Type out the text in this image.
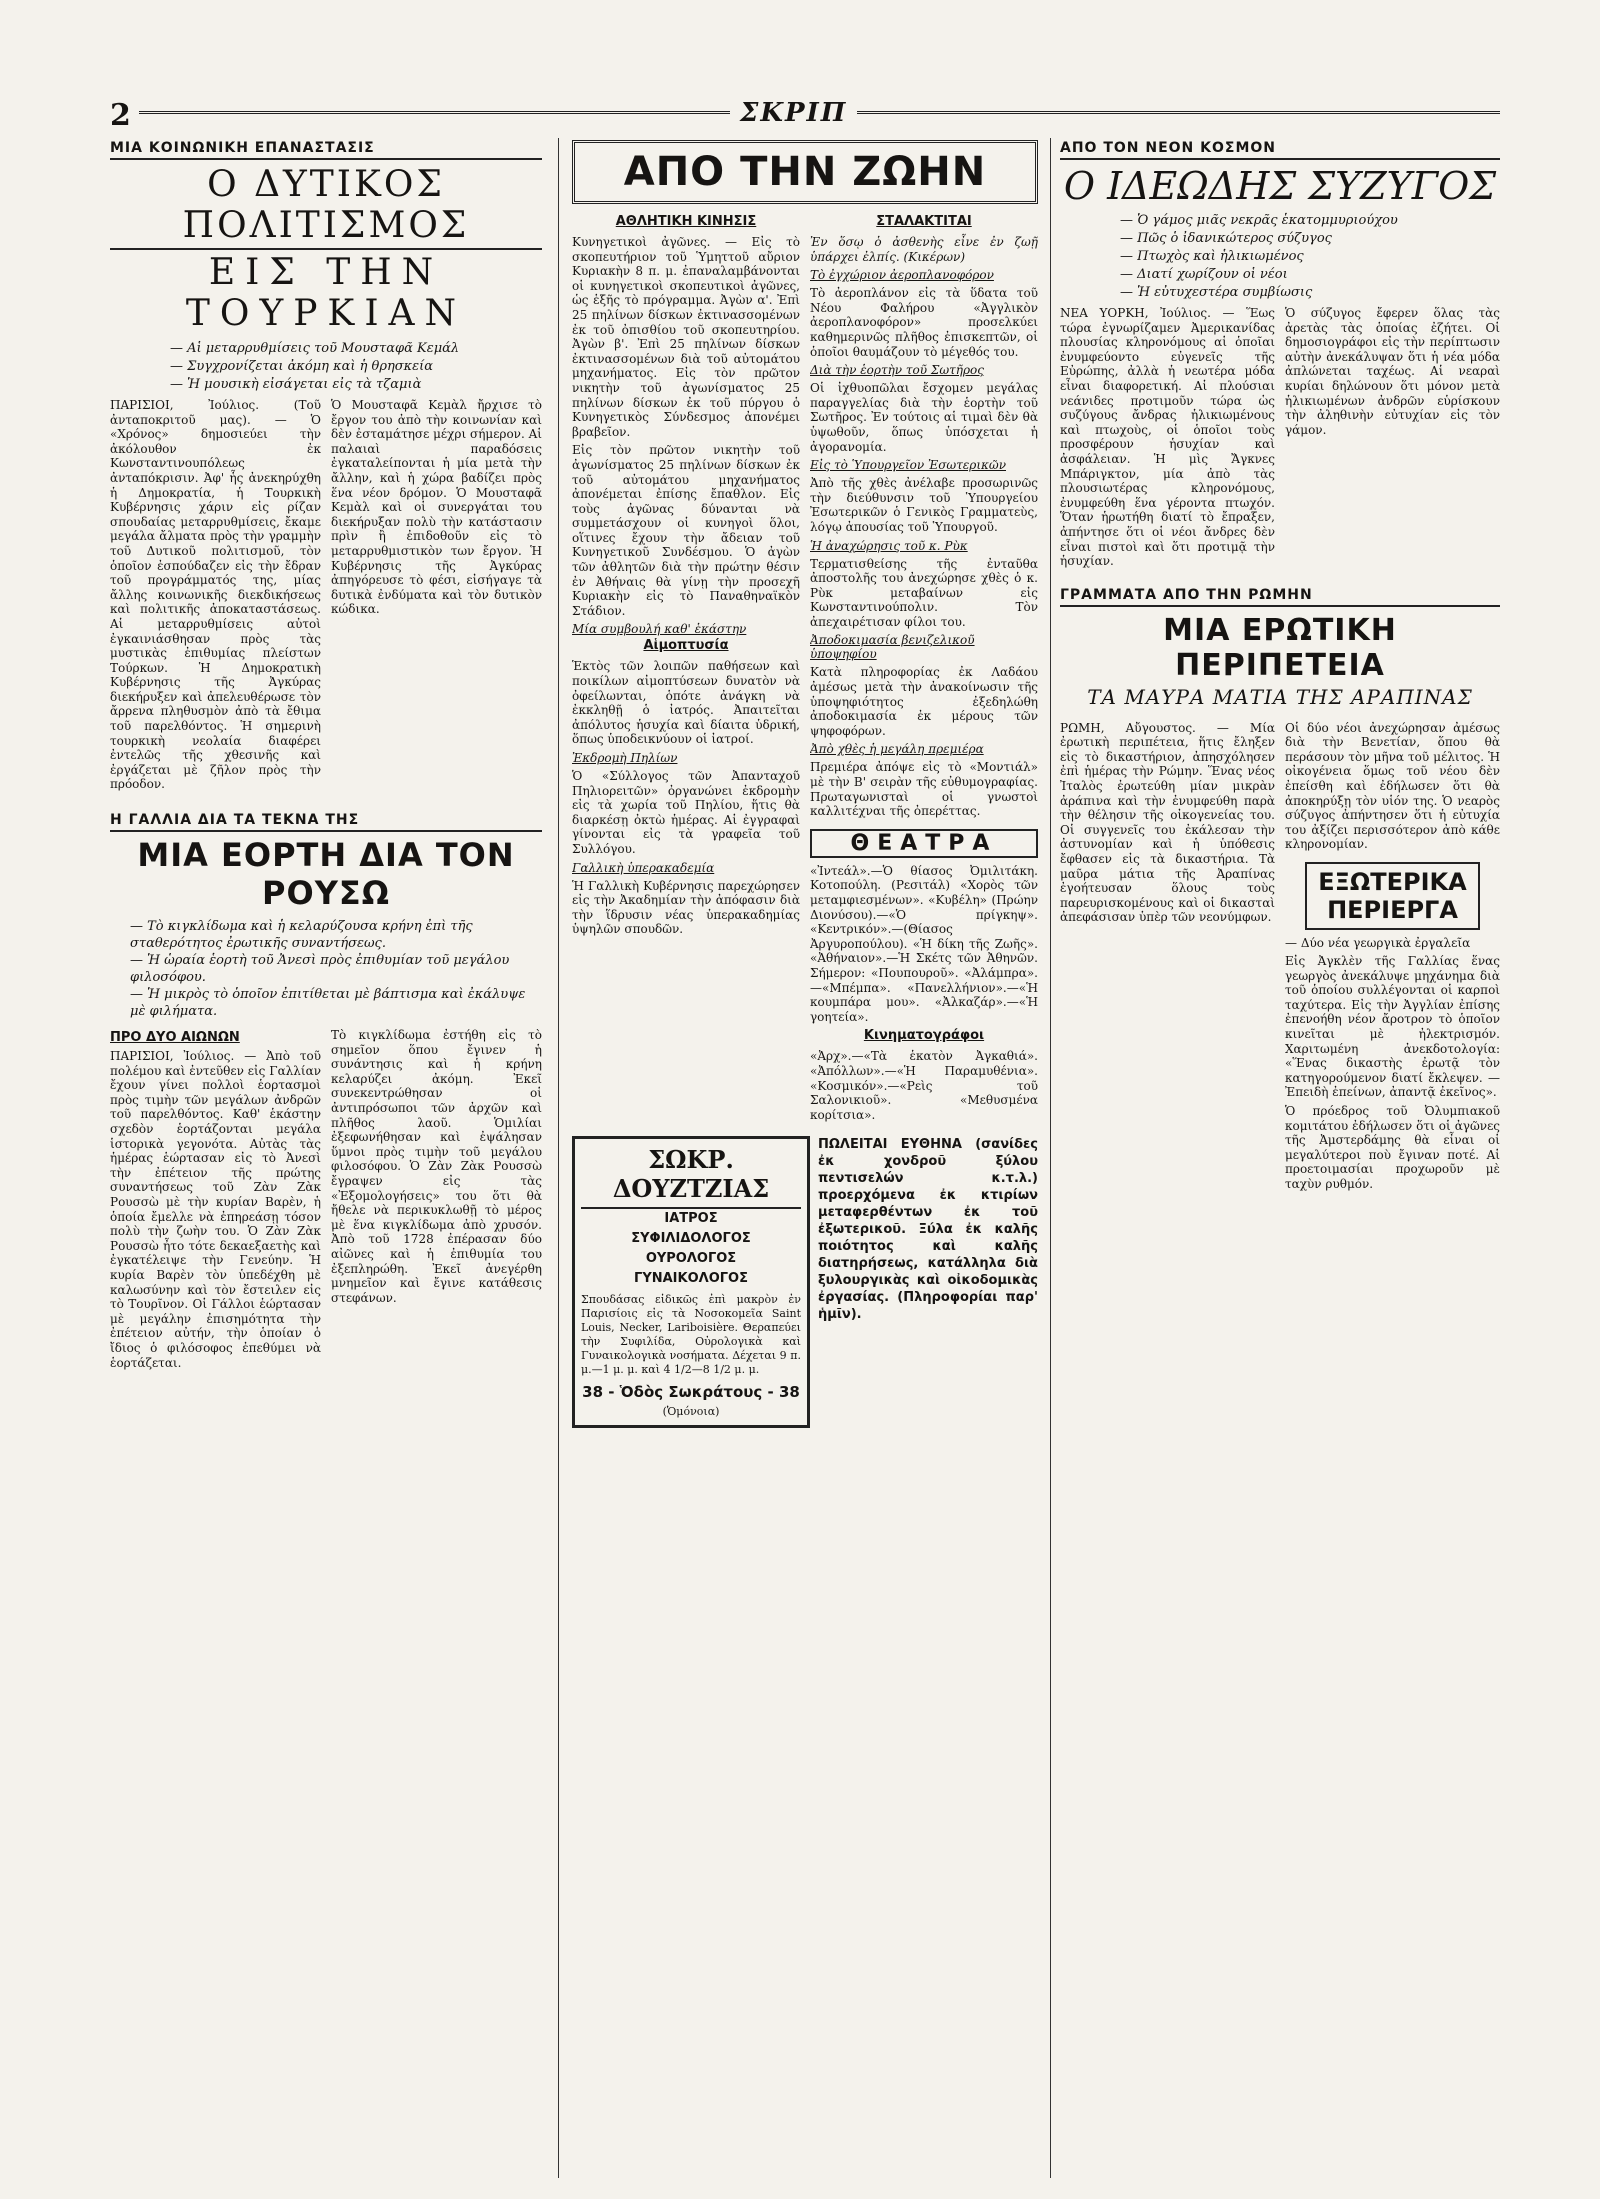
2	ΣΚΡΙΠ
ΜΙΑ ΚΟΙΝΩΝΙΚΗ ΕΠΑΝΑΣΤΑΣΙΣ
Ο ΔΥΤΙΚΟΣ ΠΟΛΙΤΙΣΜΟΣ
ΕΙΣ ΤΗΝ ΤΟΥΡΚΙΑΝ
— Αἱ μεταρρυθμίσεις τοῦ Μουσταφᾶ Κεμάλ
— Συγχρονίζεται ἀκόμη καὶ ἡ θρησκεία
— Ἡ μουσικὴ εἰσάγεται εἰς τὰ τζαμιὰ

ΠΑΡΙΣΙΟΙ, Ἰούλιος. (Τοῦ ἀνταποκριτοῦ μας). — Ὁ «Χρόνος» δημοσιεύει τὴν ἀκόλουθον ἐκ Κωνσταντινουπόλεως ἀνταπόκρισιν. Ἀφ' ἧς ἀνεκηρύχθη ἡ Δημοκρατία, ἡ Τουρκικὴ Κυβέρνησις χάριν εἰς ρίζαν σπουδαίας μεταρρυθμίσεις, ἔκαμε μεγάλα ἄλματα πρὸς τὴν γραμμὴν τοῦ Δυτικοῦ πολιτισμοῦ, τὸν ὁποῖον ἐσπούδαζεν εἰς τὴν ἔδραν τοῦ προγράμματός της, μίας ἄλλης κοινωνικῆς διεκδικήσεως καὶ πολιτικῆς ἀποκαταστάσεως. Αἱ μεταρρυθμίσεις αὐτοὶ ἐγκαινιάσθησαν πρὸς τὰς μυστικὰς ἐπιθυμίας πλείστων Τούρκων. Ἡ Δημοκρατικὴ Κυβέρνησις τῆς Ἀγκύρας διεκήρυξεν καὶ ἀπελευθέρωσε τὸν ἄρρενα πληθυσμὸν ἀπὸ τὰ ἔθιμα τοῦ παρελθόντος. Ἡ σημερινὴ τουρκικὴ νεολαία διαφέρει ἐντελῶς τῆς χθεσινῆς καὶ ἐργάζεται μὲ ζῆλον πρὸς τὴν πρόοδον.

Ὁ Μουσταφᾶ Κεμὰλ ἤρχισε τὸ ἔργον του ἀπὸ τὴν κοινωνίαν καὶ δὲν ἐσταμάτησε μέχρι σήμερον. Αἱ παλαιαὶ παραδόσεις ἐγκαταλείπονται ἡ μία μετὰ τὴν ἄλλην, καὶ ἡ χώρα βαδίζει πρὸς ἕνα νέον δρόμον. Ὁ Μουσταφᾶ Κεμὰλ καὶ οἱ συνεργάται του διεκήρυξαν πολὺ τὴν κατάστασιν πρὶν ἢ ἐπιδοθοῦν εἰς τὸ μεταρρυθμιστικὸν των ἔργον. Ἡ Κυβέρνησις τῆς Ἀγκύρας ἀπηγόρευσε τὸ φέσι, εἰσήγαγε τὰ δυτικὰ ἐνδύματα καὶ τὸν δυτικὸν κώδικα.

Η ΓΑΛΛΙΑ ΔΙΑ ΤΑ ΤΕΚΝΑ ΤΗΣ
ΜΙΑ ΕΟΡΤΗ ΔΙΑ ΤΟΝ ΡΟΥΣΩ
— Τὸ κιγκλίδωμα καὶ ἡ κελαρύζουσα κρήνη ἐπὶ τῆς σταθερότητος ἐρωτικῆς συναντήσεως.
— Ἡ ὡραία ἑορτὴ τοῦ Ἀνεσὶ πρὸς ἐπιθυμίαν τοῦ μεγάλου φιλοσόφου.
— Ἡ μικρὸς τὸ ὁποῖον ἐπιτίθεται μὲ βάπτισμα καὶ ἐκάλυψε μὲ φιλήματα.
ΠΡΟ ΔΥΟ ΑΙΩΝΩΝ

ΠΑΡΙΣΙΟΙ, Ἰούλιος. — Ἀπὸ τοῦ πολέμου καὶ ἐντεῦθεν εἰς Γαλλίαν ἔχουν γίνει πολλοὶ ἑορτασμοὶ πρὸς τιμὴν τῶν μεγάλων ἀνδρῶν τοῦ παρελθόντος. Καθ' ἑκάστην σχεδὸν ἑορτάζονται μεγάλα ἱστορικὰ γεγονότα. Αὐτὰς τὰς ἡμέρας ἑώρτασαν εἰς τὸ Ἀνεσὶ τὴν ἐπέτειον τῆς πρώτης συναντήσεως τοῦ Ζὰν Ζὰκ Ρουσσὼ μὲ τὴν κυρίαν Βαρὲν, ἡ ὁποία ἔμελλε νὰ ἐπηρεάσῃ τόσον πολὺ τὴν ζωὴν του. Ὁ Ζὰν Ζὰκ Ρουσσὼ ἦτο τότε δεκαεξαετὴς καὶ ἐγκατέλειψε τὴν Γενεύην. Ἡ κυρία Βαρὲν τὸν ὑπεδέχθη μὲ καλωσύνην καὶ τὸν ἔστειλεν εἰς τὸ Τουρῖνον. Οἱ Γάλλοι ἑώρτασαν μὲ μεγάλην ἐπισημότητα τὴν ἐπέτειον αὐτήν, τὴν ὁποίαν ὁ ἴδιος ὁ φιλόσοφος ἐπεθύμει νὰ ἑορτάζεται.

Τὸ κιγκλίδωμα ἐστήθη εἰς τὸ σημεῖον ὅπου ἔγινεν ἡ συνάντησις καὶ ἡ κρήνη κελαρύζει ἀκόμη. Ἐκεῖ συνεκεντρώθησαν οἱ ἀντιπρόσωποι τῶν ἀρχῶν καὶ πλῆθος λαοῦ. Ὁμιλίαι ἐξεφωνήθησαν καὶ ἐψάλησαν ὕμνοι πρὸς τιμὴν τοῦ μεγάλου φιλοσόφου. Ὁ Ζὰν Ζὰκ Ρουσσὼ ἔγραψεν εἰς τὰς «Ἐξομολογήσεις» του ὅτι θὰ ἤθελε νὰ περικυκλωθῇ τὸ μέρος μὲ ἕνα κιγκλίδωμα ἀπὸ χρυσόν. Ἀπὸ τοῦ 1728 ἐπέρασαν δύο αἰῶνες καὶ ἡ ἐπιθυμία του ἐξεπληρώθη. Ἐκεῖ ἀνεγέρθη μνημεῖον καὶ ἔγινε κατάθεσις στεφάνων.

ΑΠΟ ΤΗΝ ΖΩΗΝ
ΑΘΛΗΤΙΚΗ ΚΙΝΗΣΙΣ

Κυνηγετικοὶ ἀγῶνες. — Εἰς τὸ σκοπευτήριον τοῦ Ὑμηττοῦ αὔριον Κυριακὴν 8 π. μ. ἐπαναλαμβάνονται οἱ κυνηγετικοὶ σκοπευτικοὶ ἀγῶνες, ὡς ἑξῆς τὸ πρόγραμμα. Ἀγὼν α'. Ἐπὶ 25 πηλίνων δίσκων ἐκτινασσομένων ἐκ τοῦ ὀπισθίου τοῦ σκοπευτηρίου. Ἀγὼν β'. Ἐπὶ 25 πηλίνων δίσκων ἐκτινασσομένων διὰ τοῦ αὐτομάτου μηχανήματος. Εἰς τὸν πρῶτον νικητὴν τοῦ ἀγωνίσματος 25 πηλίνων δίσκων ἐκ τοῦ πύργου ὁ Κυνηγετικὸς Σύνδεσμος ἀπονέμει βραβεῖον.

Εἰς τὸν πρῶτον νικητὴν τοῦ ἀγωνίσματος 25 πηλίνων δίσκων ἐκ τοῦ αὐτομάτου μηχανήματος ἀπονέμεται ἐπίσης ἔπαθλον. Εἰς τοὺς ἀγῶνας δύνανται νὰ συμμετάσχουν οἱ κυνηγοὶ ὅλοι, οἵτινες ἔχουν τὴν ἄδειαν τοῦ Κυνηγετικοῦ Συνδέσμου. Ὁ ἀγὼν τῶν ἀθλητῶν διὰ τὴν πρώτην θέσιν ἐν Ἀθήναις θὰ γίνῃ τὴν προσεχῆ Κυριακὴν εἰς τὸ Παναθηναϊκὸν Στάδιον.

Μία συμβουλή καθ' ἑκάστην
Αἱμοπτυσία

Ἑκτὸς τῶν λοιπῶν παθήσεων καὶ ποικίλων αἰμοπτύσεων δυνατὸν νὰ ὀφείλωνται, ὁπότε ἀνάγκη νὰ ἐκκληθῇ ὁ ἰατρός. Ἀπαιτεῖται ἀπόλυτος ἡσυχία καὶ δίαιτα ὑδρική, ὅπως ὑποδεικνύουν οἱ ἰατροί.

Ἐκδρομὴ Πηλίων

Ὁ «Σύλλογος τῶν Ἀπανταχοῦ Πηλιορειτῶν» ὀργανώνει ἐκδρομὴν εἰς τὰ χωρία τοῦ Πηλίου, ἥτις θὰ διαρκέσῃ ὀκτὼ ἡμέρας. Αἱ ἐγγραφαὶ γίνονται εἰς τὰ γραφεῖα τοῦ Συλλόγου.

Γαλλικὴ ὑπερακαδεμία

Ἡ Γαλλικὴ Κυβέρνησις παρεχώρησεν εἰς τὴν Ἀκαδημίαν τὴν ἀπόφασιν διὰ τὴν ἵδρυσιν νέας ὑπερακαδημίας ὑψηλῶν σπουδῶν.

ΣΤΑΛΑΚΤΙΤΑΙ

Ἐν ὅσῳ ὁ ἀσθενὴς εἶνε ἐν ζωῇ ὑπάρχει ἐλπίς. (Κικέρων)

Τὸ ἐγχώριον ἀεροπλανοφόρον

Τὸ ἀεροπλάνον εἰς τὰ ὕδατα τοῦ Νέου Φαλήρου «Ἀγγλικὸν ἀεροπλανοφόρον» προσελκύει καθημερινῶς πλῆθος ἐπισκεπτῶν, οἱ ὁποῖοι θαυμάζουν τὸ μέγεθός του.

Διὰ τὴν ἑορτὴν τοῦ Σωτῆρος

Οἱ ἰχθυοπῶλαι ἔσχομεν μεγάλας παραγγελίας διὰ τὴν ἑορτὴν τοῦ Σωτῆρος. Ἐν τούτοις αἱ τιμαὶ δὲν θὰ ὑψωθοῦν, ὅπως ὑπόσχεται ἡ ἀγορανομία.

Εἰς τὸ Ὑπουργεῖον Ἐσωτερικῶν

Ἀπὸ τῆς χθὲς ἀνέλαβε προσωρινῶς τὴν διεύθυνσιν τοῦ Ὑπουργείου Ἐσωτερικῶν ὁ Γενικὸς Γραμματεὺς, λόγῳ ἀπουσίας τοῦ Ὑπουργοῦ.

Ἡ ἀναχώρησις τοῦ κ. Ρὺκ

Τερματισθείσης τῆς ἐνταῦθα ἀποστολῆς του ἀνεχώρησε χθὲς ὁ κ. Ρὺκ μεταβαίνων εἰς Κωνσταντινούπολιν. Τὸν ἀπεχαιρέτισαν φίλοι του.

Ἀποδοκιμασία βενιζελικοῦ ὑποψηφίου

Κατὰ πληροφορίας ἐκ Λαδάου ἀμέσως μετὰ τὴν ἀνακοίνωσιν τῆς ὑποψηφιότητος ἐξεδηλώθη ἀποδοκιμασία ἐκ μέρους τῶν ψηφοφόρων.

Ἀπὸ χθὲς ἡ μεγάλη πρεμιέρα

Πρεμιέρα ἀπόψε εἰς τὸ «Μοντιάλ» μὲ τὴν Β' σειρὰν τῆς εὐθυμογραφίας. Πρωταγωνισταὶ οἱ γνωστοὶ καλλιτέχναι τῆς ὀπερέττας.

ΘΕΑΤΡΑ

«Ἰντεάλ».—Ὁ θίασος Ὀμιλιτάκη. Κοτοπούλη. (Ρεσιτάλ) «Χορὸς τῶν μεταμφιεσμένων». «Κυβέλη» (Πρώην Διονύσου).—«Ὁ πρίγκηψ». «Κεντρικόν».—(Θίασος Ἀργυροπούλου). «Ἡ δίκη τῆς Ζωῆς». «Ἀθήναιον».—Ἡ Σκέτς τῶν Ἀθηνῶν. Σήμερον: «Πουπουροῦ». «Ἀλάμπρα».—«Μπέμπα». «Πανελλήνιον».—«Ἡ κουμπάρα μου». «Ἀλκαζάρ».—«Ἡ γοητεία».

Κινηματογράφοι

«Ἀρχ».—«Τὰ ἑκατὸν Ἀγκαθιά». «Ἀπόλλων».—«Ἡ Παραμυθένια». «Κοσμικόν».—«Ρεὶς τοῦ Σαλονικιοῦ». «Μεθυσμένα κορίτσια».

ΣΩΚΡ. ΔΟΥΖΤΖΙΑΣ
ΙΑΤΡΟΣ
ΣΥΦΙΛΙΔΟΛΟΓΟΣ
ΟΥΡΟΛΟΓΟΣ
ΓΥΝΑΙΚΟΛΟΓΟΣ
Σπουδάσας εἰδικῶς ἐπὶ μακρὸν ἐν Παρισίοις εἰς τὰ Νοσοκομεῖα Saint Louis, Necker, Lariboisière. Θεραπεύει τὴν Συφιλίδα, Οὐρολογικὰ καὶ Γυναικολογικὰ νοσήματα. Δέχεται 9 π. μ.—1 μ. μ. καὶ 4 1/2—8 1/2 μ. μ.
38 - Ὁδὸς Σωκράτους - 38
(Ὁμόνοια)
ΠΩΛΕΙΤΑΙ ΕΥΘΗΝΑ (σανίδες ἐκ χονδροῦ ξύλου πεντισελών κ.τ.λ.) προερχόμενα ἐκ κτιρίων μεταφερθέντων ἐκ τοῦ ἐξωτερικοῦ. Ξύλα ἐκ καλῆς ποιότητος καὶ καλῆς διατηρήσεως, κατάλληλα διὰ ξυλουργικὰς καὶ οἰκοδομικὰς ἐργασίας. (Πληροφορίαι παρ' ἡμῖν).
ΑΠΟ ΤΟΝ ΝΕΟΝ ΚΟΣΜΟΝ
Ο ΙΔΕΩΔΗΣ ΣΥΖΥΓΟΣ
— Ὁ γάμος μιᾶς νεκρᾶς ἑκατομμυριούχου
— Πῶς ὁ ἰδανικώτερος σύζυγος
— Πτωχὸς καὶ ἡλικιωμένος
— Διατί χωρίζουν οἱ νέοι
— Ἡ εὐτυχεστέρα συμβίωσις

ΝΕΑ ΥΟΡΚΗ, Ἰούλιος. — Ἕως τώρα ἐγνωρίζαμεν Ἀμερικανίδας πλουσίας κληρονόμους αἱ ὁποῖαι ἐνυμφεύοντο εὐγενεῖς τῆς Εὐρώπης, ἀλλὰ ἡ νεωτέρα μόδα εἶναι διαφορετική. Αἱ πλούσιαι νεάνιδες προτιμοῦν τώρα ὡς συζύγους ἄνδρας ἡλικιωμένους καὶ πτωχοὺς, οἱ ὁποῖοι τοὺς προσφέρουν ἡσυχίαν καὶ ἀσφάλειαν. Ἡ μὶς Ἄγκνες Μπάριγκτον, μία ἀπὸ τὰς πλουσιωτέρας κληρονόμους, ἐνυμφεύθη ἕνα γέροντα πτωχόν. Ὅταν ἡρωτήθη διατί τὸ ἔπραξεν, ἀπήντησε ὅτι οἱ νέοι ἄνδρες δὲν εἶναι πιστοὶ καὶ ὅτι προτιμᾷ τὴν ἡσυχίαν.

Ὁ σύζυγος ἔφερεν ὅλας τὰς ἀρετὰς τὰς ὁποίας ἐζήτει. Οἱ δημοσιογράφοι εἰς τὴν περίπτωσιν αὐτὴν ἀνεκάλυψαν ὅτι ἡ νέα μόδα ἀπλώνεται ταχέως. Αἱ νεαραὶ κυρίαι δηλώνουν ὅτι μόνον μετὰ ἡλικιωμένων ἀνδρῶν εὑρίσκουν τὴν ἀληθινὴν εὐτυχίαν εἰς τὸν γάμον.

ΓΡΑΜΜΑΤΑ ΑΠΟ ΤΗΝ ΡΩΜΗΝ
ΜΙΑ ΕΡΩΤΙΚΗ ΠΕΡΙΠΕΤΕΙΑ
ΤΑ ΜΑΥΡΑ ΜΑΤΙΑ ΤΗΣ ΑΡΑΠΙΝΑΣ

ΡΩΜΗ, Αὔγουστος. — Μία ἐρωτικὴ περιπέτεια, ἥτις ἔληξεν εἰς τὸ δικαστήριον, ἀπησχόλησεν ἐπὶ ἡμέρας τὴν Ρώμην. Ἕνας νέος Ἰταλὸς ἐρωτεύθη μίαν μικρὰν ἀράπινα καὶ τὴν ἐνυμφεύθη παρὰ τὴν θέλησιν τῆς οἰκογενείας του. Οἱ συγγενεῖς του ἐκάλεσαν τὴν ἀστυνομίαν καὶ ἡ ὑπόθεσις ἔφθασεν εἰς τὰ δικαστήρια. Τὰ μαῦρα μάτια τῆς Ἀραπίνας ἐγοήτευσαν ὅλους τοὺς παρευρισκομένους καὶ οἱ δικασταὶ ἀπεφάσισαν ὑπὲρ τῶν νεονύμφων.

Οἱ δύο νέοι ἀνεχώρησαν ἀμέσως διὰ τὴν Βενετίαν, ὅπου θὰ περάσουν τὸν μῆνα τοῦ μέλιτος. Ἡ οἰκογένεια ὅμως τοῦ νέου δὲν ἐπείσθη καὶ ἐδήλωσεν ὅτι θὰ ἀποκηρύξῃ τὸν υἱόν της. Ὁ νεαρὸς σύζυγος ἀπήντησεν ὅτι ἡ εὐτυχία του ἀξίζει περισσότερον ἀπὸ κάθε κληρονομίαν.

ΕΞΩΤΕΡΙΚΑ ΠΕΡΙΕΡΓΑ
— Δύο νέα γεωργικὰ ἐργαλεῖα

Εἰς Ἀγκλὲν τῆς Γαλλίας ἕνας γεωργὸς ἀνεκάλυψε μηχάνημα διὰ τοῦ ὁποίου συλλέγονται οἱ καρποὶ ταχύτερα. Εἰς τὴν Ἀγγλίαν ἐπίσης ἐπενοήθη νέον ἄροτρον τὸ ὁποῖον κινεῖται μὲ ἠλεκτρισμόν. Χαριτωμένη ἀνεκδοτολογία: «Ἕνας δικαστὴς ἐρωτᾷ τὸν κατηγορούμενον διατί ἔκλεψεν. — Ἐπειδὴ ἐπείνων, ἀπαντᾷ ἐκεῖνος».

Ὁ πρόεδρος τοῦ Ὀλυμπιακοῦ κομιτάτου ἐδήλωσεν ὅτι οἱ ἀγῶνες τῆς Ἀμστερδάμης θὰ εἶναι οἱ μεγαλύτεροι ποὺ ἔγιναν ποτέ. Αἱ προετοιμασίαι προχωροῦν μὲ ταχὺν ρυθμόν.
